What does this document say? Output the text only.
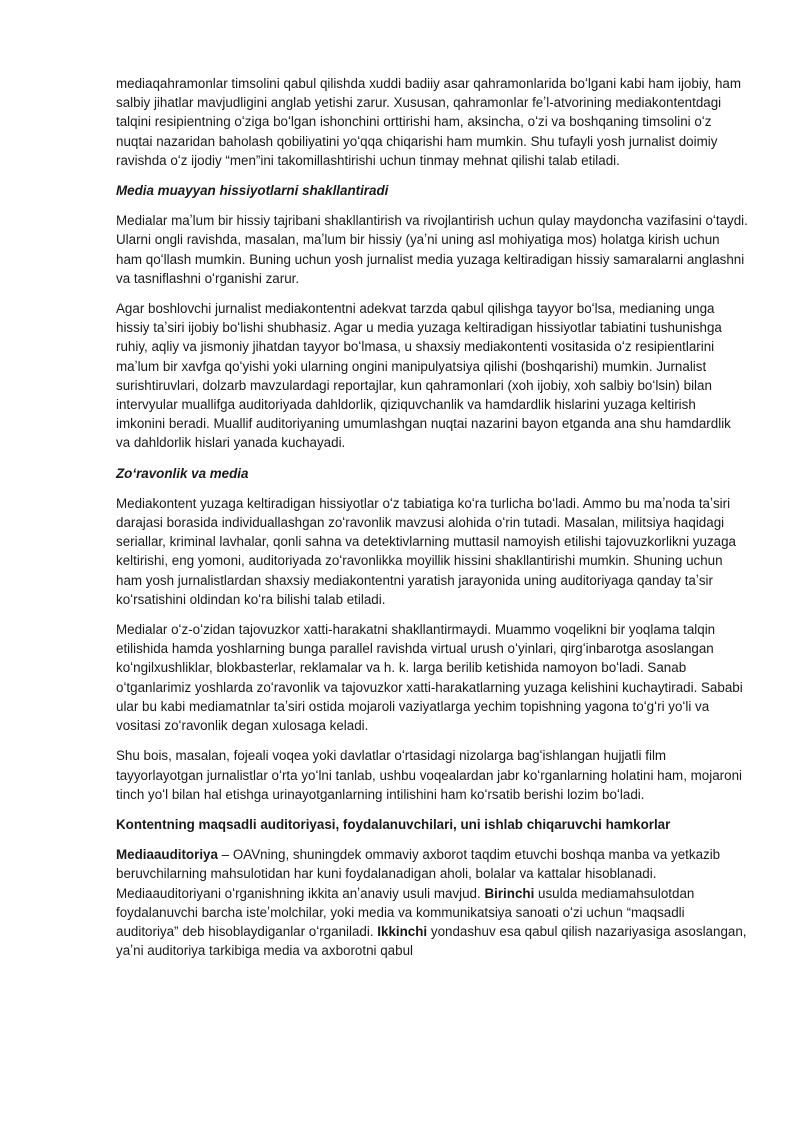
mediaqahramonlar timsolini qabul qilishda xuddi badiiy asar qahramonlarida boʻlgani kabi ham ijobiy, ham salbiy jihatlar mavjudligini anglab yetishi zarur. Xususan, qahramonlar feʼl-atvorining mediakontentdagi talqini resipientning oʻziga boʻlgan ishonchini orttirishi ham, aksincha, oʻzi va boshqaning timsolini oʻz nuqtai nazaridan baholash qobiliyatini yoʻqqa chiqarishi ham mumkin. Shu tufayli yosh jurnalist doimiy ravishda oʻz ijodiy “men”ini takomillashtirishi uchun tinmay mehnat qilishi talab etiladi.

Media muayyan hissiyotlarni shakllantiradi

Medialar maʼlum bir hissiy tajribani shakllantirish va rivojlantirish uchun qulay maydoncha vazifasini oʻtaydi. Ularni ongli ravishda, masalan, maʼlum bir hissiy (yaʼni uning asl mohiyatiga mos) holatga kirish uchun ham qoʻllash mumkin. Buning uchun yosh jurnalist media yuzaga keltiradigan hissiy samaralarni anglashni va tasniflashni oʻrganishi zarur.

Agar boshlovchi jurnalist mediakontentni adekvat tarzda qabul qilishga tayyor boʻlsa, medianing unga hissiy taʼsiri ijobiy boʻlishi shubhasiz. Agar u media yuzaga keltiradigan hissiyotlar tabiatini tushunishga ruhiy, aqliy va jismoniy jihatdan tayyor boʻlmasa, u shaxsiy mediakontenti vositasida oʻz resipientlarini maʼlum bir xavfga qoʻyishi yoki ularning ongini manipulyatsiya qilishi (boshqarishi) mumkin. Jurnalist surishtiruvlari, dolzarb mavzulardagi reportajlar, kun qahramonlari (xoh ijobiy, xoh salbiy boʻlsin) bilan intervyular muallifga auditoriyada dahldorlik, qiziquvchanlik va hamdardlik hislarini yuzaga keltirish imkonini beradi. Muallif auditoriyaning umumlashgan nuqtai nazarini bayon etganda ana shu hamdardlik va dahldorlik hislari yanada kuchayadi.

Zoʻravonlik va media

Mediakontent yuzaga keltiradigan hissiyotlar oʻz tabiatiga koʻra turlicha boʻladi. Ammo bu maʼnoda taʼsiri darajasi borasida individuallashgan zoʻravonlik mavzusi alohida oʻrin tutadi. Masalan, militsiya haqidagi seriallar, kriminal lavhalar, qonli sahna va detektivlarning muttasil namoyish etilishi tajovuzkorlikni yuzaga keltirishi, eng yomoni, auditoriyada zoʻravonlikka moyillik hissini shakllantirishi mumkin. Shuning uchun ham yosh jurnalistlardan shaxsiy mediakontentni yaratish jarayonida uning auditoriyaga qanday taʼsir koʻrsatishini oldindan koʻra bilishi talab etiladi.

Medialar oʻz-oʻzidan tajovuzkor xatti-harakatni shakllantirmaydi. Muammo voqelikni bir yoqlama talqin etilishida hamda yoshlarning bunga parallel ravishda virtual urush oʻyinlari, qirgʻinbarotga asoslangan koʻngilxushliklar, blokbasterlar, reklamalar va h. k. larga berilib ketishida namoyon boʻladi. Sanab oʻtganlarimiz yoshlarda zoʻravonlik va tajovuzkor xatti-harakatlarning yuzaga kelishini kuchaytiradi. Sababi ular bu kabi mediamatnlar taʼsiri ostida mojaroli vaziyatlarga yechim topishning yagona toʻgʻri yoʻli va vositasi zoʻravonlik degan xulosaga keladi.

Shu bois, masalan, fojeali voqea yoki davlatlar oʻrtasidagi nizolarga bagʻishlangan hujjatli film tayyorlayotgan jurnalistlar oʻrta yoʻlni tanlab, ushbu voqealardan jabr koʻrganlarning holatini ham, mojaroni tinch yoʻl bilan hal etishga urinayotganlarning intilishini ham koʻrsatib berishi lozim boʻladi.

Kontentning maqsadli auditoriyasi, foydalanuvchilari, uni ishlab chiqaruvchi hamkorlar

Mediaauditoriya – OAVning, shuningdek ommaviy axborot taqdim etuvchi boshqa manba va yetkazib beruvchilarning mahsulotidan har kuni foydalanadigan aholi, bolalar va kattalar hisoblanadi. Mediaauditoriyani oʻrganishning ikkita anʼanaviy usuli mavjud. Birinchi usulda mediamahsulotdan foydalanuvchi barcha isteʼmolchilar, yoki media va kommunikatsiya sanoati oʻzi uchun “maqsadli auditoriya” deb hisoblaydiganlar oʻrganiladi. Ikkinchi yondashuv esa qabul qilish nazariyasiga asoslangan, yaʼni auditoriya tarkibiga media va axborotni qabul
